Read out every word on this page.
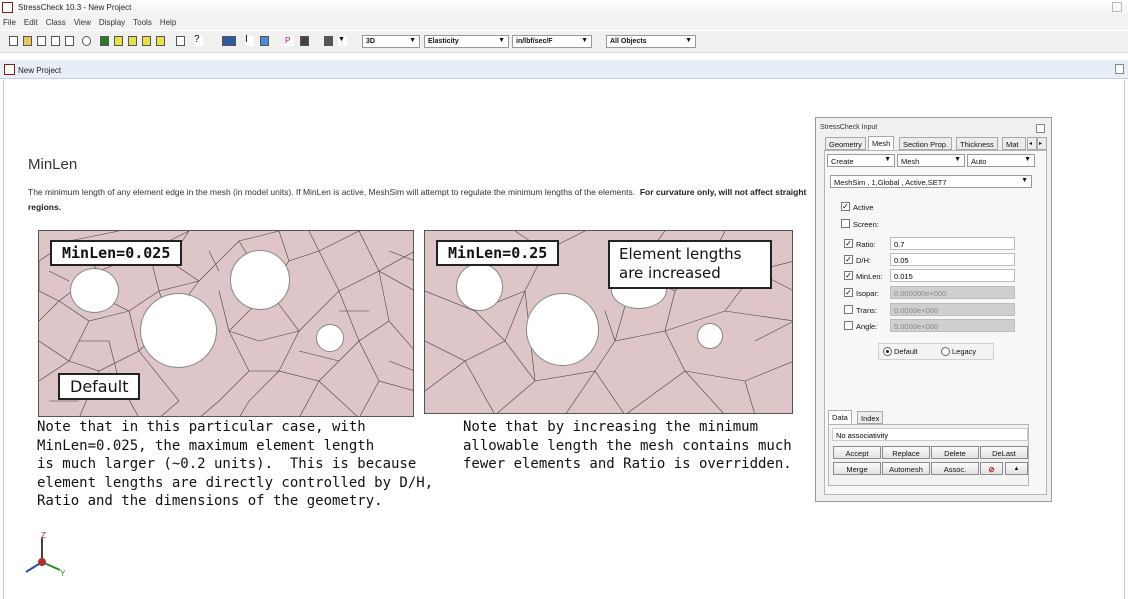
StressCheck 10.3 - New Project
File Edit Class View Display Tools Help
?	I	P	▼	3D	▼	Elasticity	▼	in/lbf/sec/F	▼	All Objects	▼
New Project
MinLen
The minimum length of any element edge in the mesh (in model units). If MinLen is active, MeshSim will attempt to regulate the minimum lengths of the elements. For curvature only, will not affect straight regions.
MinLen=0.025
Default
MinLen=0.25	Element lengths
are increased
Note that in this particular case, with
MinLen=0.025, the maximum element length
is much larger (~0.2 units).  This is because
element lengths are directly controlled by D/H,
Ratio and the dimensions of the geometry.
Note that by increasing the minimum
allowable length the mesh contains much
fewer elements and Ratio is overridden.
Z
Y
StressCheck Input
Geometry	Mesh	Section Prop.	Thickness	Mat	◂	▸
Create	▼	Mesh	▼	Auto	▼
MeshSim , 1,Global , Active,SET7	▼
✓ Active
Screen:
✓ Ratio:	0.7
✓ D/H:	0.05
✓ MinLen:	0.015
✓ Isopar:	0.000000e+000
Trans:	0.0000e+000
Angle:	5.0000e+000
Default	Legacy
Data	Index
No associativity
Accept	Replace	Delete	DeLast
Merge	Automesh	Assoc.	⊘	▲
